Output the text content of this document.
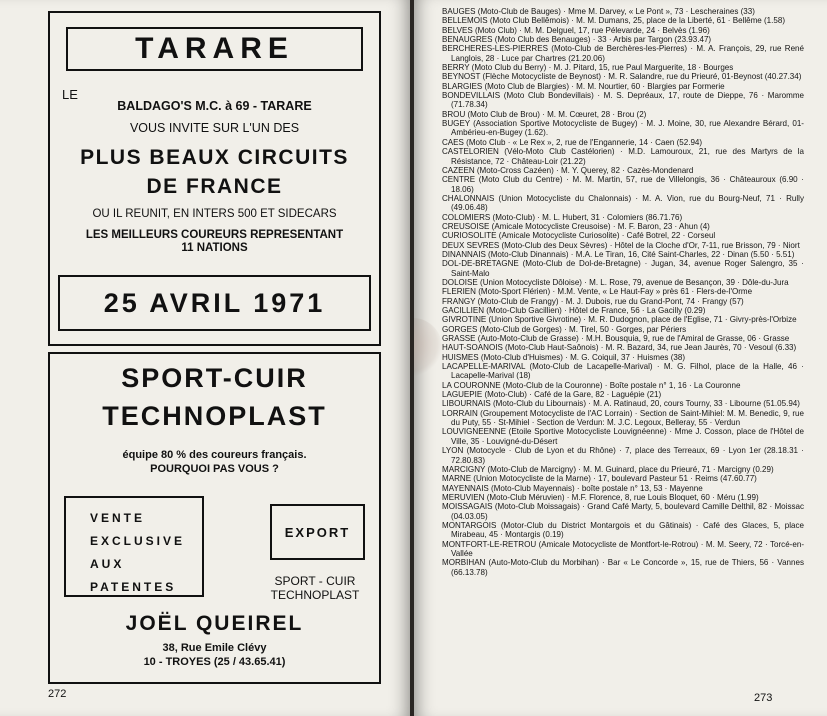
TARARE
LE
BALDAGO'S M.C. à 69 - TARARE
VOUS INVITE SUR L'UN DES
PLUS BEAUX CIRCUITS
DE FRANCE
OU IL REUNIT, EN INTERS 500 ET SIDECARS
LES MEILLEURS COUREURS REPRESENTANT
11 NATIONS
25 AVRIL 1971
SPORT-CUIR
TECHNOPLAST
équipe 80 % des coureurs français.
POURQUOI PAS VOUS ?
VENTE
EXCLUSIVE
AUX
PATENTES
EXPORT
SPORT - CUIR
TECHNOPLAST
JOËL QUEIREL
38, Rue Emile Clévy
10 - TROYES (25 / 43.65.41)
272
BAUGES (Moto-Club de Bauges) · Mme M. Darvey, « Le Pont », 73 · Lescheraines (33)
BELLEMOIS (Moto Club Bellêmois) · M. M. Dumans, 25, place de la Liberté, 61 · Bellême (1.58)
BELVES (Moto Club) · M. M. Delguel, 17, rue Pélevarde, 24 · Belvès (1.96)
BENAUGRES (Moto Club des Benauges) · 33 · Arbis par Targon (23.93.47)
BERCHERES-LES-PIERRES (Moto-Club de Berchères-les-Pierres) · M. A. François, 29, rue René Langlois, 28 · Luce par Chartres (21.20.06)
BERRY (Moto Club du Berry) · M. J. Pitard, 15, rue Paul Marguerite, 18 · Bourges
BEYNOST (Flèche Motocycliste de Beynost) · M. R. Salandre, rue du Prieuré, 01-Beynost (40.27.34)
BLARGIES (Moto Club de Blargies) · M. M. Nourtier, 60 · Blargies par Formerie
BONDEVILLAIS (Moto Club Bondevillais) · M. S. Depréaux, 17, route de Dieppe, 76 · Maromme (71.78.34)
BROU (Moto Club de Brou) · M. M. Cœuret, 28 · Brou (2)
BUGEY (Association Sportive Motocycliste de Bugey) · M. J. Moine, 30, rue Alexandre Bérard, 01-Ambérieu-en-Bugey (1.62).
CAES (Moto Club · « Le Rex », 2, rue de l'Engannerie, 14 · Caen (52.94)
CASTELORIEN (Vélo-Moto Club Castélorien) · M.D. Lamouroux, 21, rue des Martyrs de la Résistance, 72 · Château-Loir (21.22)
CAZEEN (Moto-Cross Cazéen) · M. Y. Querey, 82 · Cazès-Mondenard
CENTRE (Moto Club du Centre) · M. M. Martin, 57, rue de Villelongis, 36 · Châteauroux (6.90 · 18.06)
CHALONNAIS (Union Motocycliste du Chalonnais) · M. A. Vion, rue du Bourg-Neuf, 71 · Rully (49.06.48)
COLOMIERS (Moto-Club) · M. L. Hubert, 31 · Colomiers (86.71.76)
CREUSOISE (Amicale Motocycliste Creusoise) · M. F. Baron, 23 · Ahun (4)
CURIOSOLITE (Amicale Motocycliste Curiosolite) · Café Botrel, 22 · Corseul
DEUX SEVRES (Moto-Club des Deux Sèvres) · Hôtel de la Cloche d'Or, 7-11, rue Brisson, 79 · Niort
DINANNAIS (Moto-Club Dinannais) · M.A. Le Tiran, 16, Cité Saint-Charles, 22 · Dinan (5.50 · 5.51)
DOL-DE-BRETAGNE (Moto-Club de Dol-de-Bretagne) · Jugan, 34, avenue Roger Salengro, 35 · Saint-Malo
DOLOISE (Union Motocycliste Dôloise) · M. L. Rose, 79, avenue de Besançon, 39 · Dôle-du-Jura
FLERIEN (Moto-Sport Flérien) · M.M. Vente, « Le Haut-Fay » près 61 · Flers-de-l'Orme
FRANGY (Moto-Club de Frangy) · M. J. Dubois, rue du Grand-Pont, 74 · Frangy (57)
GACILLIEN (Moto-Club Gacillien) · Hôtel de France, 56 · La Gacilly (0.29)
GIVROTINE (Union Sportive Givrotine) · M. R. Dudognon, place de l'Eglise, 71 · Givry-près-l'Orbize
GORGES (Moto-Club de Gorges) · M. Tirel, 50 · Gorges, par Périers
GRASSE (Auto-Moto-Club de Grasse) · M.H. Bousquia, 9, rue de l'Amiral de Grasse, 06 · Grasse
HAUT-SOANOIS (Moto-Club Haut-Saônois) · M. R. Bazard, 34, rue Jean Jaurès, 70 · Vesoul (6.33)
HUISMES (Moto-Club d'Huismes) · M. G. Coiquil, 37 · Huismes (38)
LACAPELLE-MARIVAL (Moto-Club de Lacapelle-Marival) · M. G. Filhol, place de la Halle, 46 · Lacapelle-Marival (18)
LA COURONNE (Moto-Club de la Couronne) · Boîte postale n° 1, 16 · La Couronne
LAGUEPIE (Moto-Club) · Café de la Gare, 82 · Laguépie (21)
LIBOURNAIS (Moto-Club du Libournais) · M. A. Ratinaud, 20, cours Tourny, 33 · Libourne (51.05.94)
LORRAIN (Groupement Motocycliste de l'AC Lorrain) · Section de Saint-Mihiel: M. M. Benedic, 9, rue du Puty, 55 · St-Mihiel · Section de Verdun: M. J.C. Legoux, Belleray, 55 · Verdun
LOUVIGNEENNE (Etoile Sportive Motocycliste Louvignéenne) · Mme J. Cosson, place de l'Hôtel de Ville, 35 · Louvigné-du-Désert
LYON (Motocycle · Club de Lyon et du Rhône) · 7, place des Terreaux, 69 · Lyon 1er (28.18.31 · 72.80.83)
MARCIGNY (Moto-Club de Marcigny) · M. M. Guinard, place du Prieuré, 71 · Marcigny (0.29)
MARNE (Union Motocycliste de la Marne) · 17, boulevard Pasteur 51 · Reims (47.60.77)
MAYENNAIS (Moto-Club Mayennais) · boîte postale n° 13, 53 · Mayenne
MERUVIEN (Moto-Club Méruvien) · M.F. Florence, 8, rue Louis Bloquet, 60 · Méru (1.99)
MOISSAGAIS (Moto-Club Moissagais) · Grand Café Marty, 5, boulevard Camille Delthil, 82 · Moissac (04.03.05)
MONTARGOIS (Motor-Club du District Montargois et du Gâtinais) · Café des Glaces, 5, place Mirabeau, 45 · Montargis (0.19)
MONTFORT-LE-RETROU (Amicale Motocycliste de Montfort-le-Rotrou) · M. M. Seery, 72 · Torcé-en-Vallée
MORBIHAN (Auto-Moto-Club du Morbihan) · Bar « Le Concorde », 15, rue de Thiers, 56 · Vannes (66.13.78)
273
